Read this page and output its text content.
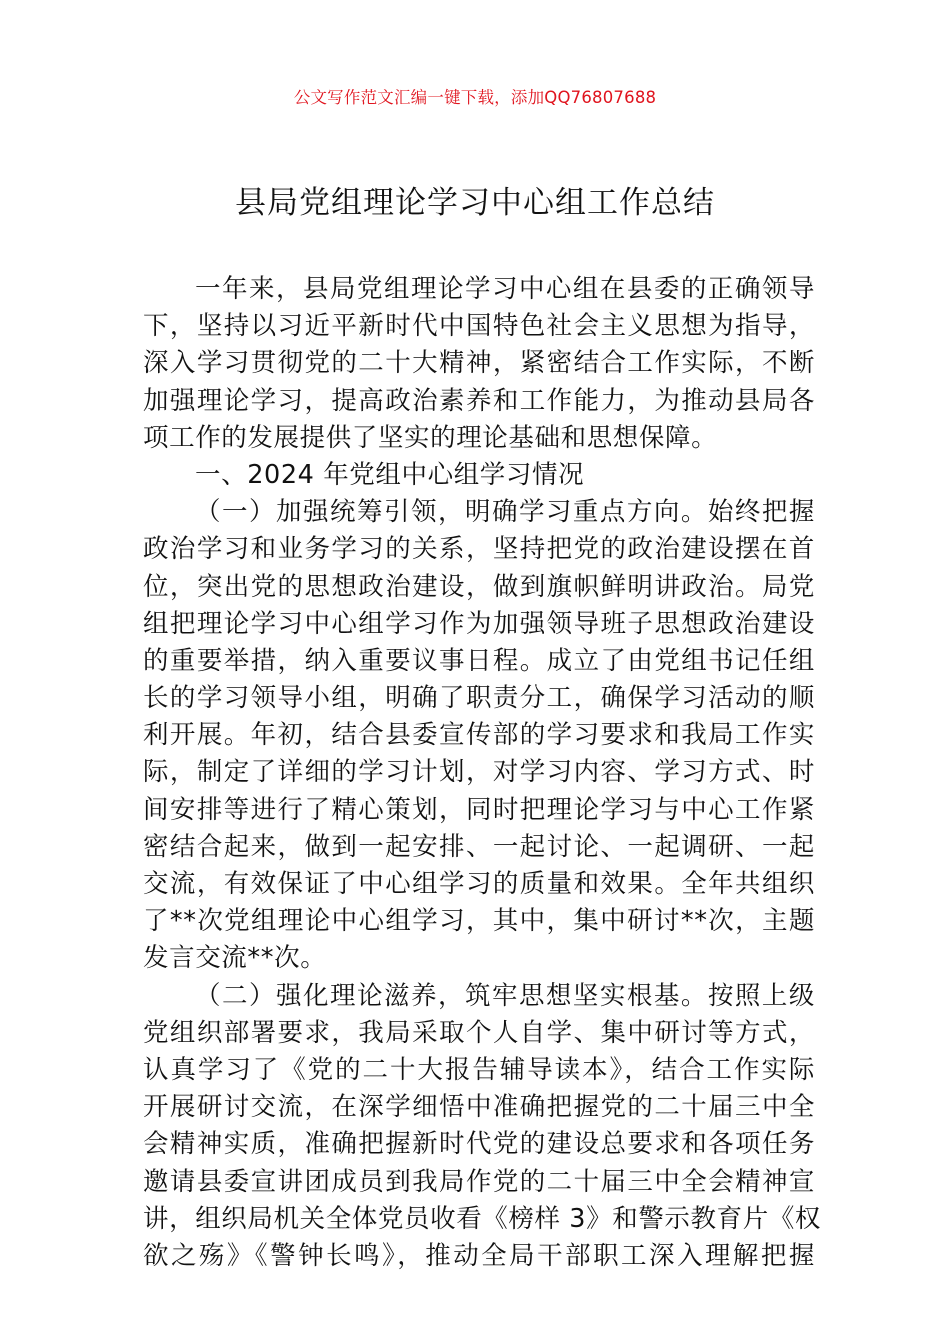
公文写作范文汇编一键下载，添加QQ76807688
县局党组理论学习中心组工作总结
一年来，县局党组理论学习中心组在县委的正确领导
下，坚持以习近平新时代中国特色社会主义思想为指导，
深入学习贯彻党的二十大精神，紧密结合工作实际，不断
加强理论学习，提高政治素养和工作能力，为推动县局各
项工作的发展提供了坚实的理论基础和思想保障。
一、2024 年党组中心组学习情况
（一）加强统筹引领，明确学习重点方向。始终把握
政治学习和业务学习的关系，坚持把党的政治建设摆在首
位，突出党的思想政治建设，做到旗帜鲜明讲政治。局党
组把理论学习中心组学习作为加强领导班子思想政治建设
的重要举措，纳入重要议事日程。成立了由党组书记任组
长的学习领导小组，明确了职责分工，确保学习活动的顺
利开展。年初，结合县委宣传部的学习要求和我局工作实
际，制定了详细的学习计划，对学习内容、学习方式、时
间安排等进行了精心策划，同时把理论学习与中心工作紧
密结合起来，做到一起安排、一起讨论、一起调研、一起
交流，有效保证了中心组学习的质量和效果。全年共组织
了**次党组理论中心组学习，其中，集中研讨**次，主题
发言交流**次。
（二）强化理论滋养，筑牢思想坚实根基。按照上级
党组织部署要求，我局采取个人自学、集中研讨等方式，
认真学习了《党的二十大报告辅导读本》，结合工作实际
开展研讨交流，在深学细悟中准确把握党的二十届三中全
会精神实质，准确把握新时代党的建设总要求和各项任务
邀请县委宣讲团成员到我局作党的二十届三中全会精神宣
讲，组织局机关全体党员收看《榜样 3》和警示教育片《权
欲之殇》《警钟长鸣》，推动全局干部职工深入理解把握
